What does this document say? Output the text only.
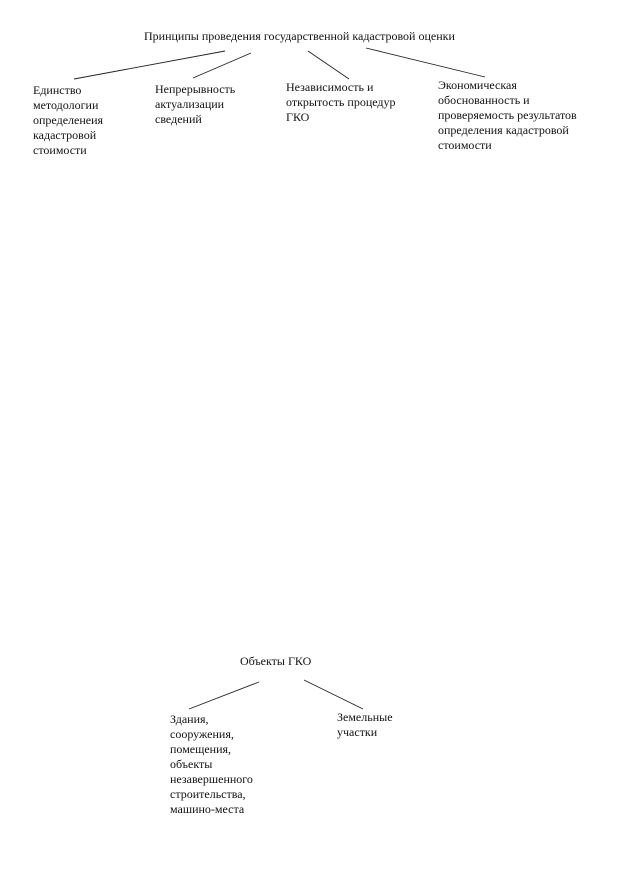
Принципы проведения государственной кадастровой оценки
Единство
методологии
определенеия
кадастровой
стоимости
Непрерывность
актуализации
сведений
Независимость и
открытость процедур
ГКО
Экономическая
обоснованность и
проверяемость результатов
определения кадастровой
стоимости
Объекты ГКО
Здания,
сооружения,
помещения,
объекты
незавершенного
строительства,
машино-места
Земельные
участки
